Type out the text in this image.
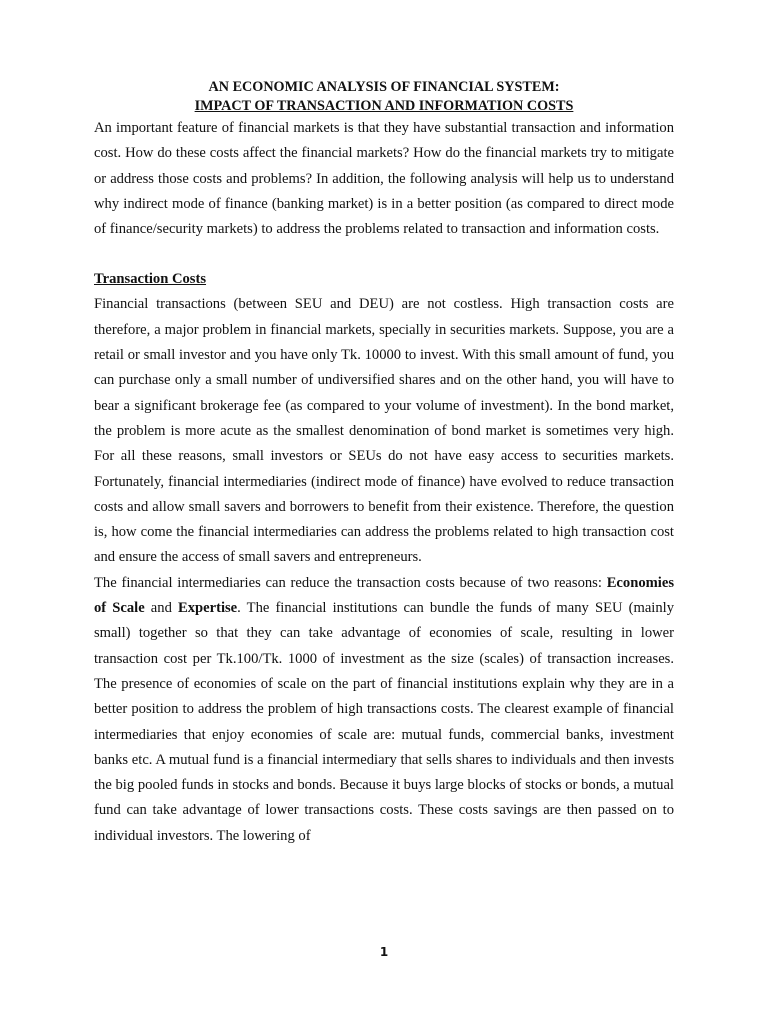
AN ECONOMIC ANALYSIS OF FINANCIAL SYSTEM:

IMPACT OF TRANSACTION AND INFORMATION COSTS

An important feature of financial markets is that they have substantial transaction and information cost. How do these costs affect the financial markets? How do the financial markets try to mitigate or address those costs and problems? In addition, the following analysis will help us to understand why indirect mode of finance (banking market) is in a better position (as compared to direct mode of finance/security markets) to address the problems related to transaction and information costs.

Transaction Costs

Financial transactions (between SEU and DEU) are not costless. High transaction costs are therefore, a major problem in financial markets, specially in securities markets. Suppose, you are a retail or small investor and you have only Tk. 10000 to invest. With this small amount of fund, you can purchase only a small number of undiversified shares and on the other hand, you will have to bear a significant brokerage fee (as compared to your volume of investment). In the bond market, the problem is more acute as the smallest denomination of bond market is sometimes very high. For all these reasons, small investors or SEUs do not have easy access to securities markets. Fortunately, financial intermediaries (indirect mode of finance) have evolved to reduce transaction costs and allow small savers and borrowers to benefit from their existence. Therefore, the question is, how come the financial intermediaries can address the problems related to high transaction cost and ensure the access of small savers and entrepreneurs.

The financial intermediaries can reduce the transaction costs because of two reasons: Economies of Scale and Expertise. The financial institutions can bundle the funds of many SEU (mainly small) together so that they can take advantage of economies of scale, resulting in lower transaction cost per Tk.100/Tk. 1000 of investment as the size (scales) of transaction increases. The presence of economies of scale on the part of financial institutions explain why they are in a better position to address the problem of high transactions costs. The clearest example of financial intermediaries that enjoy economies of scale are: mutual funds, commercial banks, investment banks etc. A mutual fund is a financial intermediary that sells shares to individuals and then invests the big pooled funds in stocks and bonds. Because it buys large blocks of stocks or bonds, a mutual fund can take advantage of lower transactions costs. These costs savings are then passed on to individual investors. The lowering of

1
